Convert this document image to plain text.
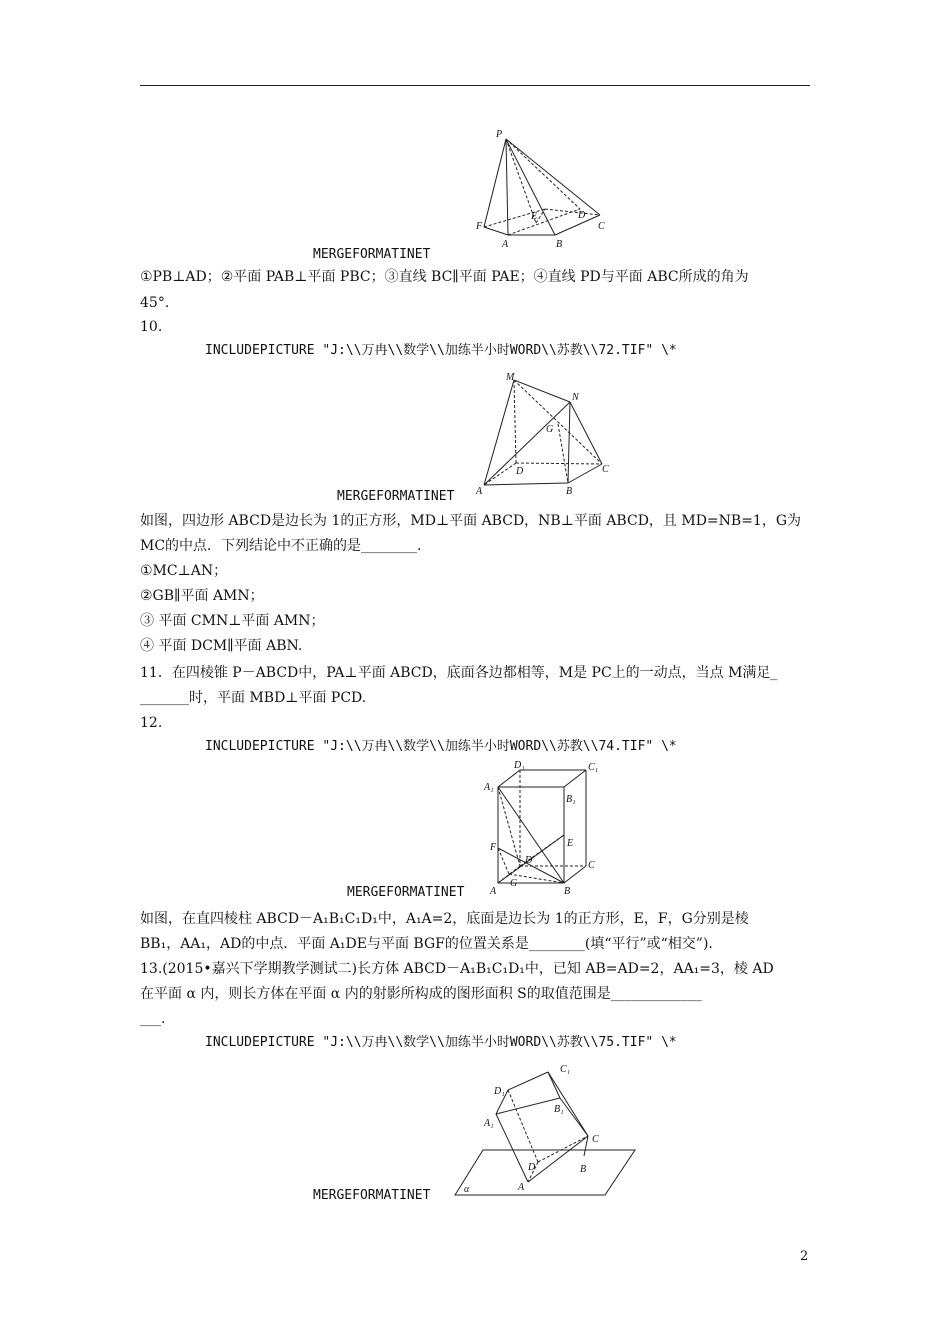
P
F
A
E
B
D
C
MERGEFORMATINET
①PB⊥AD；②平面 PAB⊥平面 PBC；③直线 BC∥平面 PAE；④直线 PD与平面 ABC所成的角为
45°.
10.
INCLUDEPICTURE "J:\\万冉\\数学\\加练半小时WORD\\苏教\\72.TIF" \*
M
N
G
D
A	B
C
MERGEFORMATINET
如图，四边形 ABCD是边长为 1的正方形，MD⊥平面 ABCD，NB⊥平面 ABCD，且 MD=NB=1，G为
MC的中点．下列结论中不正确的是________.
①MC⊥AN；
②GB∥平面 AMN；
③ 平面 CMN⊥平面 AMN；
④ 平面 DCM∥平面 ABN.
11．在四棱锥 P－ABCD中，PA⊥平面 ABCD，底面各边都相等，M是 PC上的一动点，当点 M满足_
_______时，平面 MBD⊥平面 PCD.
12.
INCLUDEPICTURE "J:\\万冉\\数学\\加练半小时WORD\\苏教\\74.TIF" \*
D₁	C₁
A₁
B₁
F
D
E
C
G
A	B
MERGEFORMATINET
如图，在直四棱柱 ABCD－A₁B₁C₁D₁中，A₁A=2，底面是边长为 1的正方形，E，F，G分别是棱
BB₁，AA₁，AD的中点．平面 A₁DE与平面 BGF的位置关系是________(填“平行”或“相交”).
13.(2015•嘉兴下学期教学测试二)长方体 ABCD－A₁B₁C₁D₁中，已知 AB=AD=2，AA₁=3，棱 AD
在平面 α 内，则长方体在平面 α 内的射影所构成的图形面积 S的取值范围是_____________
___.
INCLUDEPICTURE "J:\\万冉\\数学\\加练半小时WORD\\苏教\\75.TIF" \*
C₁
D₁
B₁
A₁
C
D	B
A
α
MERGEFORMATINET
2
